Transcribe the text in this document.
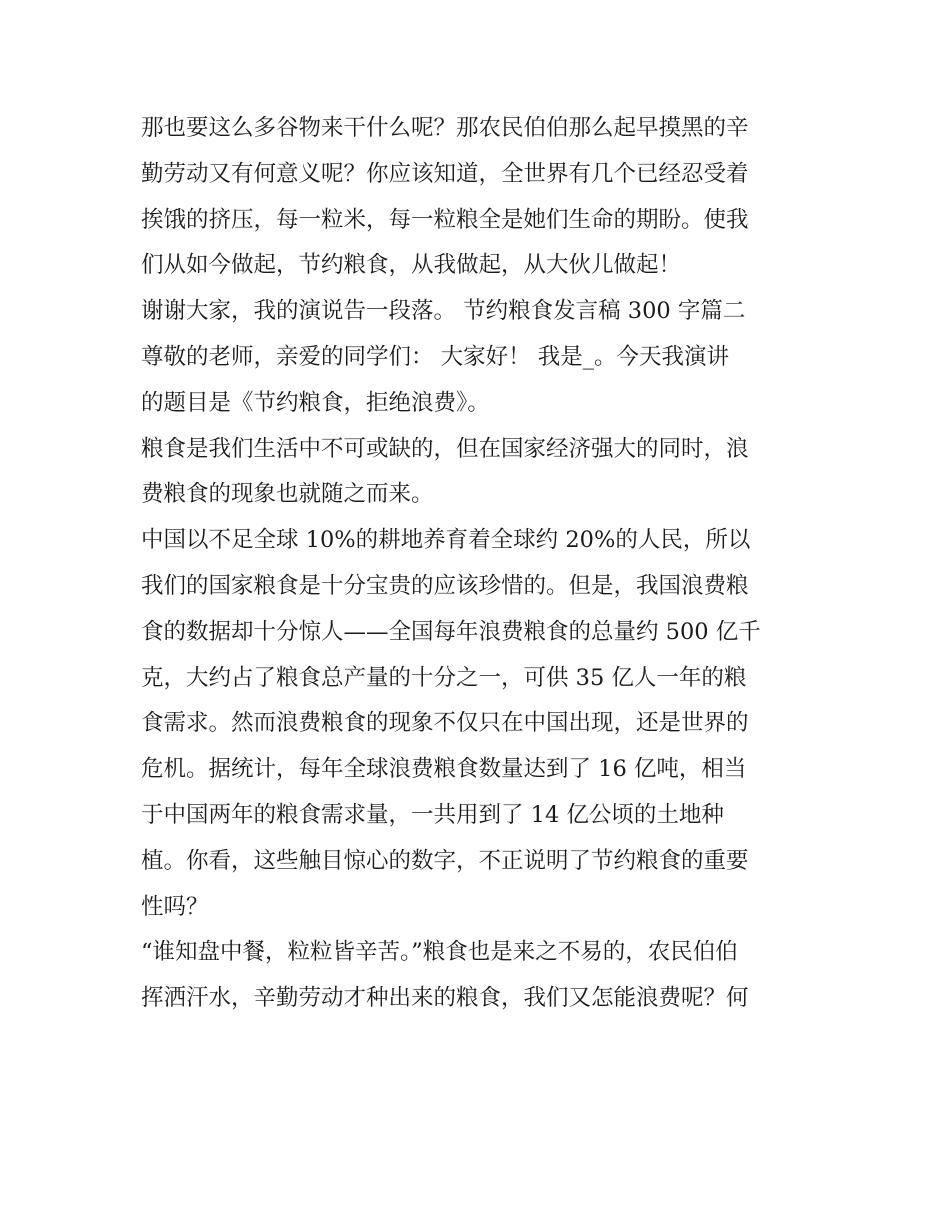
那也要这么多谷物来干什么呢？那农民伯伯那么起早摸黑的辛
勤劳动又有何意义呢？你应该知道，全世界有几个已经忍受着
挨饿的挤压，每一粒米，每一粒粮全是她们生命的期盼。使我
们从如今做起，节约粮食，从我做起，从大伙儿做起！
谢谢大家，我的演说告一段落。 节约粮食发言稿 300 字篇二
尊敬的老师，亲爱的同学们： 大家好！ 我是_。今天我演讲
的题目是《节约粮食，拒绝浪费》。
粮食是我们生活中不可或缺的，但在国家经济强大的同时，浪
费粮食的现象也就随之而来。
中国以不足全球 10%的耕地养育着全球约 20%的人民，所以
我们的国家粮食是十分宝贵的应该珍惜的。但是，我国浪费粮
食的数据却十分惊人——全国每年浪费粮食的总量约 500 亿千
克，大约占了粮食总产量的十分之一，可供 35 亿人一年的粮
食需求。然而浪费粮食的现象不仅只在中国出现，还是世界的
危机。据统计，每年全球浪费粮食数量达到了 16 亿吨，相当
于中国两年的粮食需求量，一共用到了 14 亿公顷的土地种
植。你看，这些触目惊心的数字，不正说明了节约粮食的重要
性吗？
“谁知盘中餐，粒粒皆辛苦。”粮食也是来之不易的，农民伯伯
挥洒汗水，辛勤劳动才种出来的粮食，我们又怎能浪费呢？何
